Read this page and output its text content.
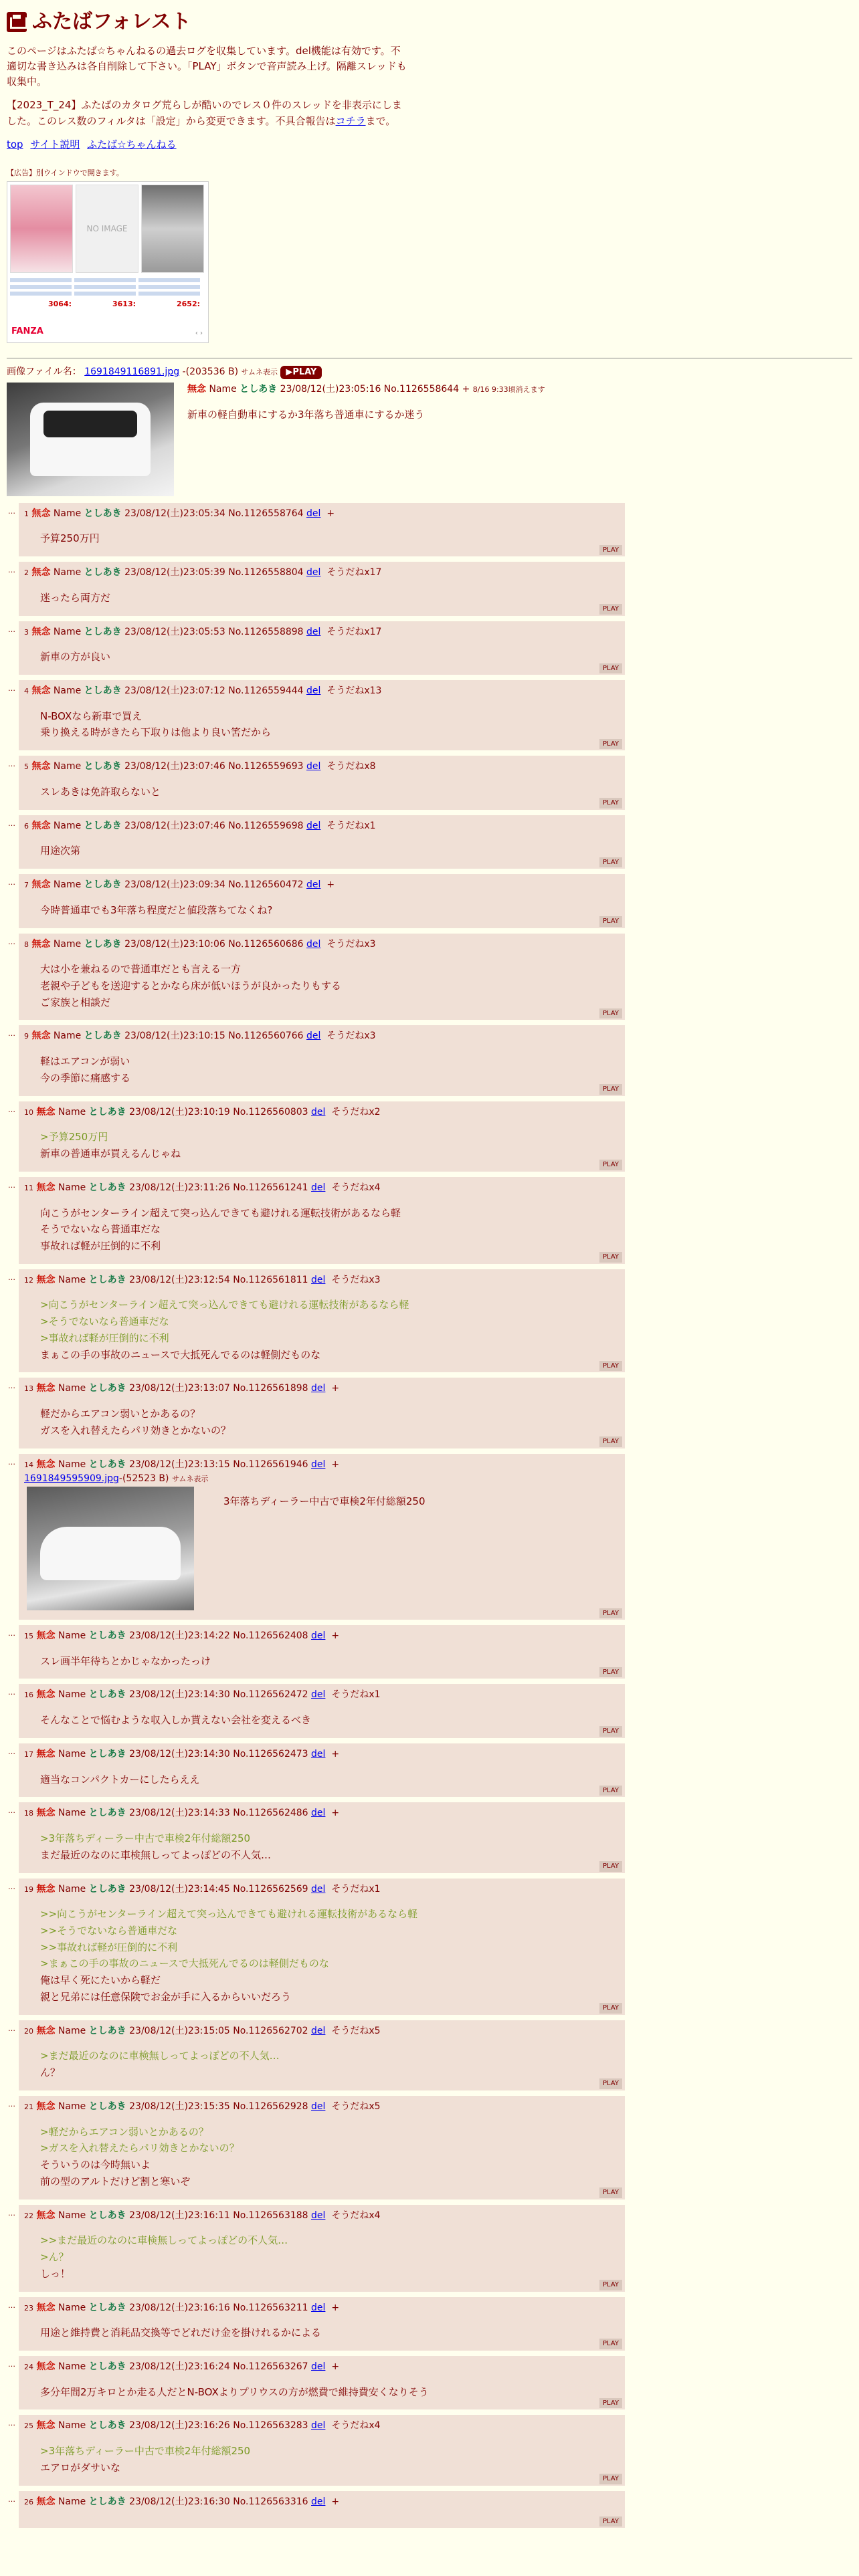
ふたばフォレスト

このページはふたば☆ちゃんねるの過去ログを収集しています。del機能は有効です。不適切な書き込みは各自削除して下さい。「PLAY」ボタンで音声読み上げ。隔離スレッドも収集中。

【2023_T_24】ふたばのカタログ荒らしが酷いのでレス０件のスレッドを非表示にしました。このレス数のフィルタは「設定」から変更できます。不具合報告はコチラまで。

top サイト説明 ふたば☆ちゃんねる
【広告】別ウインドウで開きます。
NO IMAGE
3064:	3613:	2652:
FANZA	‹ ›
画像ファイル名： 1691849116891.jpg -(203536 B) サムネ表示 ▶PLAY
無念 Name としあき 23/08/12(土)23:05:16 No.1126558644 + 8/16 9:33頃消えます
新車の軽自動車にするか3年落ち普通車にするか迷う
… 1 無念 Name としあき 23/08/12(土)23:05:34 No.1126558764 del +
予算250万円
PLAY
… 2 無念 Name としあき 23/08/12(土)23:05:39 No.1126558804 del そうだねx17
迷ったら両方だ
PLAY
… 3 無念 Name としあき 23/08/12(土)23:05:53 No.1126558898 del そうだねx17
新車の方が良い
PLAY
… 4 無念 Name としあき 23/08/12(土)23:07:12 No.1126559444 del そうだねx13
N-BOXなら新車で買え
乗り換える時がきたら下取りは他より良い筈だから
PLAY
… 5 無念 Name としあき 23/08/12(土)23:07:46 No.1126559693 del そうだねx8
スレあきは免許取らないと
PLAY
… 6 無念 Name としあき 23/08/12(土)23:07:46 No.1126559698 del そうだねx1
用途次第
PLAY
… 7 無念 Name としあき 23/08/12(土)23:09:34 No.1126560472 del +
今時普通車でも3年落ち程度だと値段落ちてなくね?
PLAY
… 8 無念 Name としあき 23/08/12(土)23:10:06 No.1126560686 del そうだねx3
大は小を兼ねるので普通車だとも言える一方
老親や子どもを送迎するとかなら床が低いほうが良かったりもする
ご家族と相談だ
PLAY
… 9 無念 Name としあき 23/08/12(土)23:10:15 No.1126560766 del そうだねx3
軽はエアコンが弱い
今の季節に痛感する
PLAY
… 10 無念 Name としあき 23/08/12(土)23:10:19 No.1126560803 del そうだねx2
>予算250万円
新車の普通車が買えるんじゃね
PLAY
… 11 無念 Name としあき 23/08/12(土)23:11:26 No.1126561241 del そうだねx4
向こうがセンターライン超えて突っ込んできても避けれる運転技術があるなら軽
そうでないなら普通車だな
事故れば軽が圧倒的に不利
PLAY
… 12 無念 Name としあき 23/08/12(土)23:12:54 No.1126561811 del そうだねx3
>向こうがセンターライン超えて突っ込んできても避けれる運転技術があるなら軽
>そうでないなら普通車だな
>事故れば軽が圧倒的に不利
まぁこの手の事故のニュースで大抵死んでるのは軽側だものな
PLAY
… 13 無念 Name としあき 23/08/12(土)23:13:07 No.1126561898 del +
軽だからエアコン弱いとかあるの？
ガスを入れ替えたらパリ効きとかないの？
PLAY
… 14 無念 Name としあき 23/08/12(土)23:13:15 No.1126561946 del +
1691849595909.jpg-(52523 B) サムネ表示
3年落ちディーラー中古で車検2年付総額250
PLAY
… 15 無念 Name としあき 23/08/12(土)23:14:22 No.1126562408 del +
スレ画半年待ちとかじゃなかったっけ
PLAY
… 16 無念 Name としあき 23/08/12(土)23:14:30 No.1126562472 del そうだねx1
そんなことで悩むような収入しか貰えない会社を変えるべき
PLAY
… 17 無念 Name としあき 23/08/12(土)23:14:30 No.1126562473 del +
適当なコンパクトカーにしたらええ
PLAY
… 18 無念 Name としあき 23/08/12(土)23:14:33 No.1126562486 del +
>3年落ちディーラー中古で車検2年付総額250
まだ最近のなのに車検無しってよっぽどの不人気…
PLAY
… 19 無念 Name としあき 23/08/12(土)23:14:45 No.1126562569 del そうだねx1
>>向こうがセンターライン超えて突っ込んできても避けれる運転技術があるなら軽
>>そうでないなら普通車だな
>>事故れば軽が圧倒的に不利
>まぁこの手の事故のニュースで大抵死んでるのは軽側だものな
俺は早く死にたいから軽だ
親と兄弟には任意保険でお金が手に入るからいいだろう
PLAY
… 20 無念 Name としあき 23/08/12(土)23:15:05 No.1126562702 del そうだねx5
>まだ最近のなのに車検無しってよっぽどの不人気…
ん？
PLAY
… 21 無念 Name としあき 23/08/12(土)23:15:35 No.1126562928 del そうだねx5
>軽だからエアコン弱いとかあるの？
>ガスを入れ替えたらパリ効きとかないの？
そういうのは今時無いよ
前の型のアルトだけど割と寒いぞ
PLAY
… 22 無念 Name としあき 23/08/12(土)23:16:11 No.1126563188 del そうだねx4
>>まだ最近のなのに車検無しってよっぽどの不人気…
>ん？
しっ！
PLAY
… 23 無念 Name としあき 23/08/12(土)23:16:16 No.1126563211 del +
用途と維持費と消耗品交換等でどれだけ金を掛けれるかによる
PLAY
… 24 無念 Name としあき 23/08/12(土)23:16:24 No.1126563267 del +
多分年間2万キロとか走る人だとN-BOXよりプリウスの方が燃費で維持費安くなりそう
PLAY
… 25 無念 Name としあき 23/08/12(土)23:16:26 No.1126563283 del そうだねx4
>3年落ちディーラー中古で車検2年付総額250
エアロがダサいな
PLAY
… 26 無念 Name としあき 23/08/12(土)23:16:30 No.1126563316 del +
PLAY
